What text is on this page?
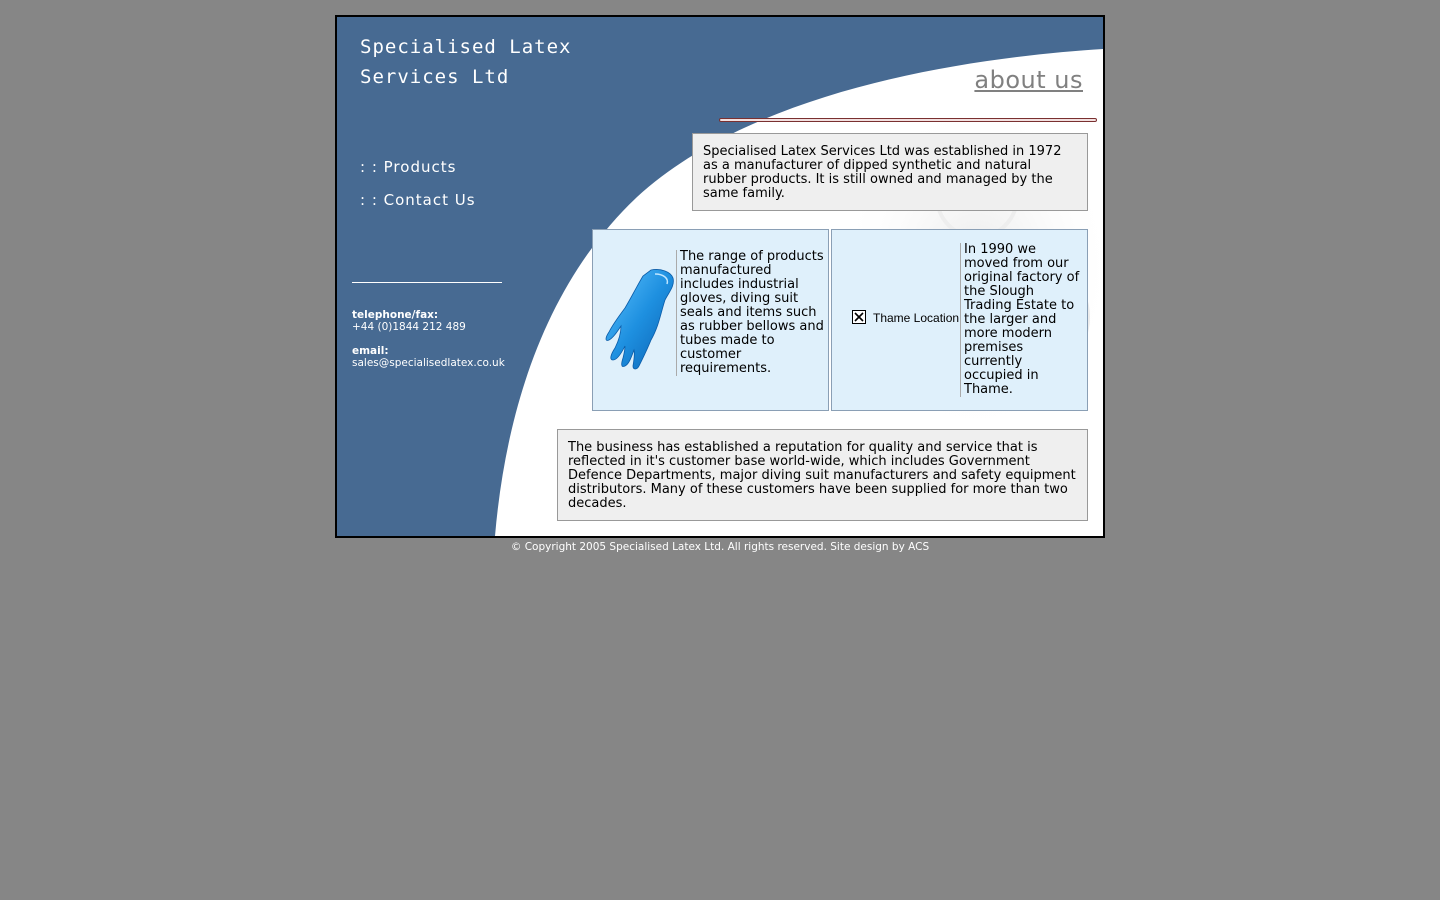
Specialised Latex
Services Ltd
: : Products
: : Contact Us
telephone/fax:
+44 (0)1844 212 489
email:
sales@specialisedlatex.co.uk
about us
Specialised Latex Services Ltd was established in 1972 as a manufacturer of dipped synthetic and natural rubber products. It is still owned and managed by the same family.
The range of products manufactured includes industrial gloves, diving suit seals and items such as rubber bellows and tubes made to customer requirements.
Thame Location
In 1990 we moved from our original factory of the Slough Trading Estate to the larger and more modern premises currently occupied in Thame.
The business has established a reputation for quality and service that is reflected in it's customer base world-wide, which includes Government Defence Departments, major diving suit manufacturers and safety equipment distributors. Many of these customers have been supplied for more than two decades.
© Copyright 2005 Specialised Latex Ltd. All rights reserved. Site design by ACS
